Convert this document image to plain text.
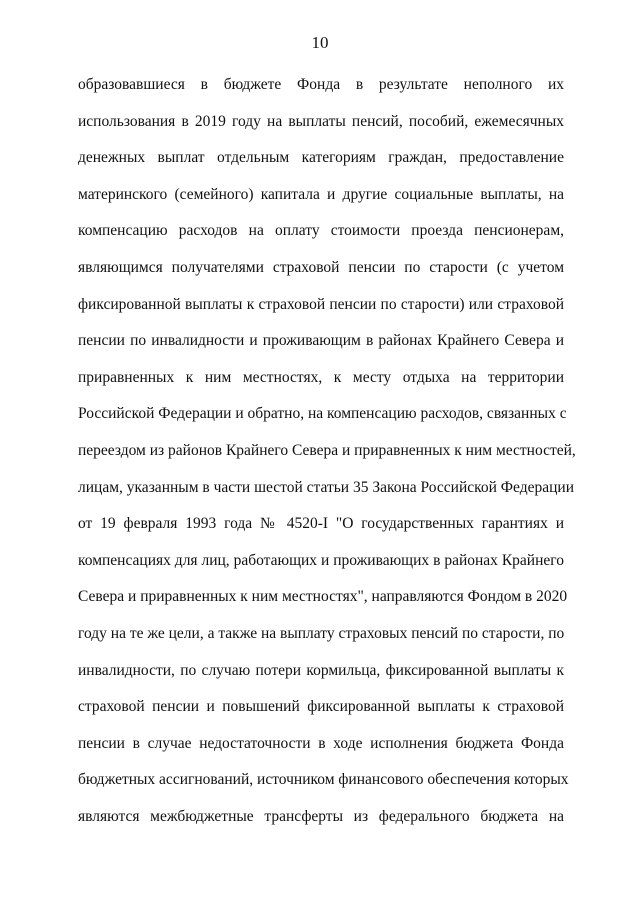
10
образовавшиеся в бюджете Фонда в результате неполного их
использования в 2019 году на выплаты пенсий, пособий, ежемесячных
денежных выплат отдельным категориям граждан, предоставление
материнского (семейного) капитала и другие социальные выплаты, на
компенсацию расходов на оплату стоимости проезда пенсионерам,
являющимся получателями страховой пенсии по старости (с учетом
фиксированной выплаты к страховой пенсии по старости) или страховой
пенсии по инвалидности и проживающим в районах Крайнего Севера и
приравненных к ним местностях, к месту отдыха на территории
Российской Федерации и обратно, на компенсацию расходов, связанных с
переездом из районов Крайнего Севера и приравненных к ним местностей,
лицам, указанным в части шестой статьи 35 Закона Российской Федерации
от 19 февраля 1993 года № 4520-I "О государственных гарантиях и
компенсациях для лиц, работающих и проживающих в районах Крайнего
Севера и приравненных к ним местностях", направляются Фондом в 2020
году на те же цели, а также на выплату страховых пенсий по старости, по
инвалидности, по случаю потери кормильца, фиксированной выплаты к
страховой пенсии и повышений фиксированной выплаты к страховой
пенсии в случае недостаточности в ходе исполнения бюджета Фонда
бюджетных ассигнований, источником финансового обеспечения которых
являются межбюджетные трансферты из федерального бюджета на
